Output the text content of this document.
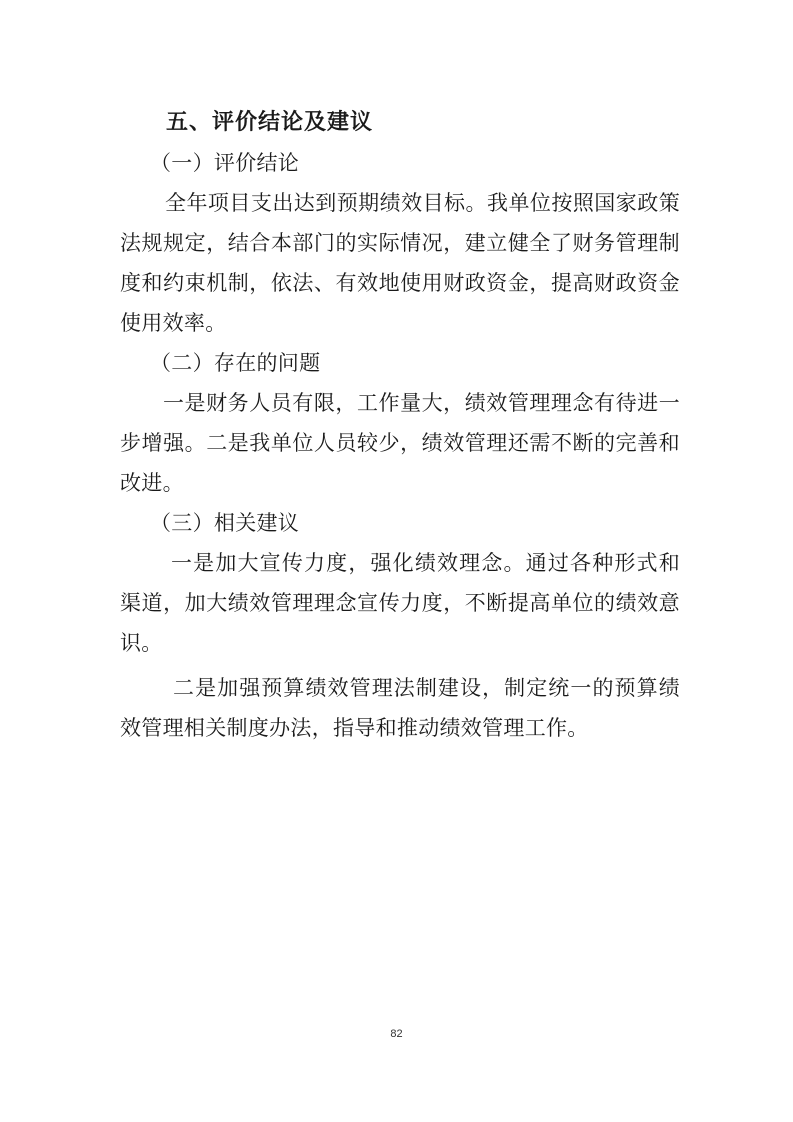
五、评价结论及建议
（一）评价结论
全年项目支出达到预期绩效目标。我单位按照国家政策
法规规定，结合本部门的实际情况，建立健全了财务管理制
度和约束机制，依法、有效地使用财政资金，提高财政资金
使用效率。
（二）存在的问题
一是财务人员有限，工作量大，绩效管理理念有待进一
步增强。二是我单位人员较少，绩效管理还需不断的完善和
改进。
（三）相关建议
一是加大宣传力度，强化绩效理念。通过各种形式和
渠道，加大绩效管理理念宣传力度，不断提高单位的绩效意
识。
二是加强预算绩效管理法制建设，制定统一的预算绩
效管理相关制度办法，指导和推动绩效管理工作。
82
